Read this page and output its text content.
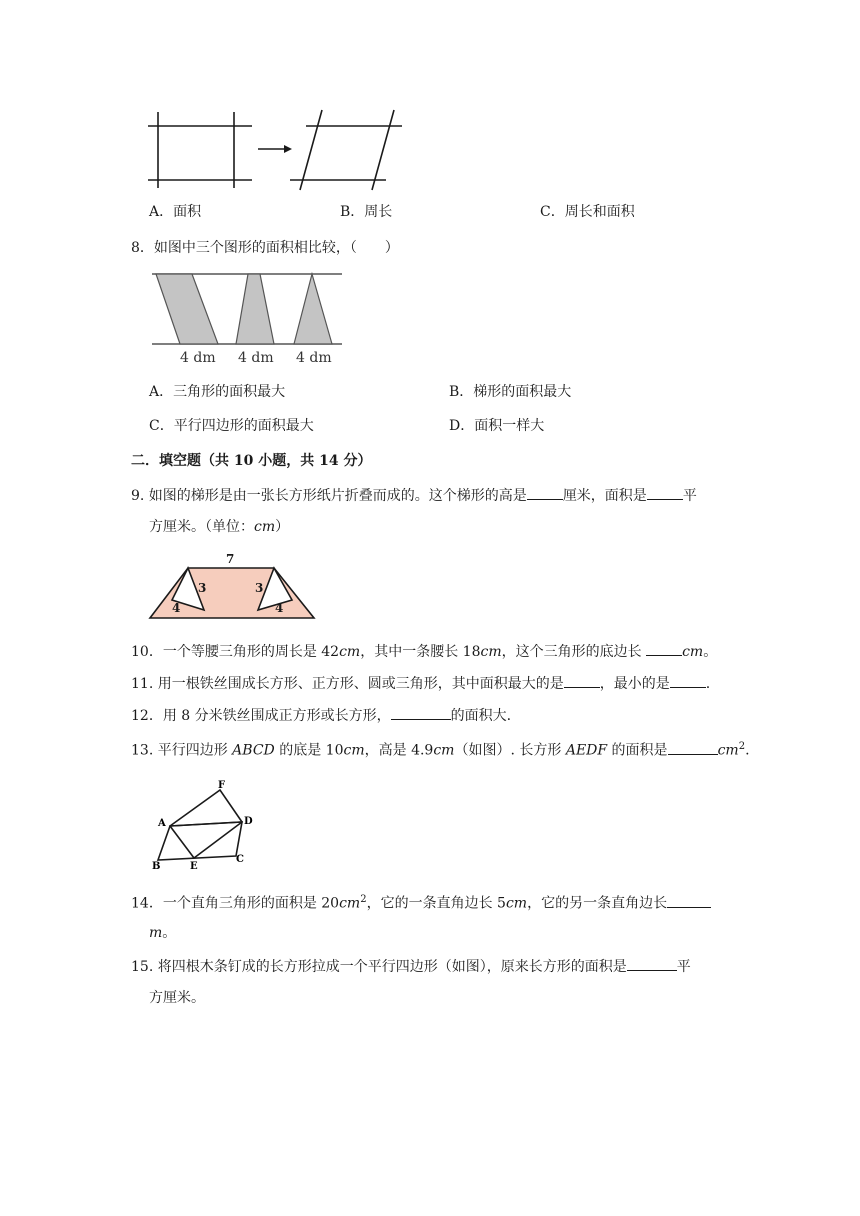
A．面积	B．周长	C．周长和面积
8．如图中三个图形的面积相比较，（　　）
4 dm 4 dm 4 dm
A．三角形的面积最大	B．梯形的面积最大
C．平行四边形的面积最大	D．面积一样大
二．填空题（共 10 小题，共 14 分）
9. 如图的梯形是由一张长方形纸片折叠而成的。这个梯形的高是	厘米，面积是	平
方厘米。（单位：cm）
7
3	3
4	4
10．一个等腰三角形的周长是 42cm，其中一条腰长 18cm，这个三角形的底边长	cm。
11. 用一根铁丝围成长方形、正方形、圆或三角形，其中面积最大的是	，最小的是	.
12．用 8 分米铁丝围成正方形或长方形，	的面积大.
13. 平行四边形 ABCD 的底是 10cm，高是 4.9cm（如图）. 长方形 AEDF 的面积是	$cm^2$.
F
A	D
B	E
C
14．一个直角三角形的面积是 $20cm^2$，它的一条直角边长 5cm，它的另一条直角边长
m。
15. 将四根木条钉成的长方形拉成一个平行四边形（如图），原来长方形的面积是	平
方厘米。
